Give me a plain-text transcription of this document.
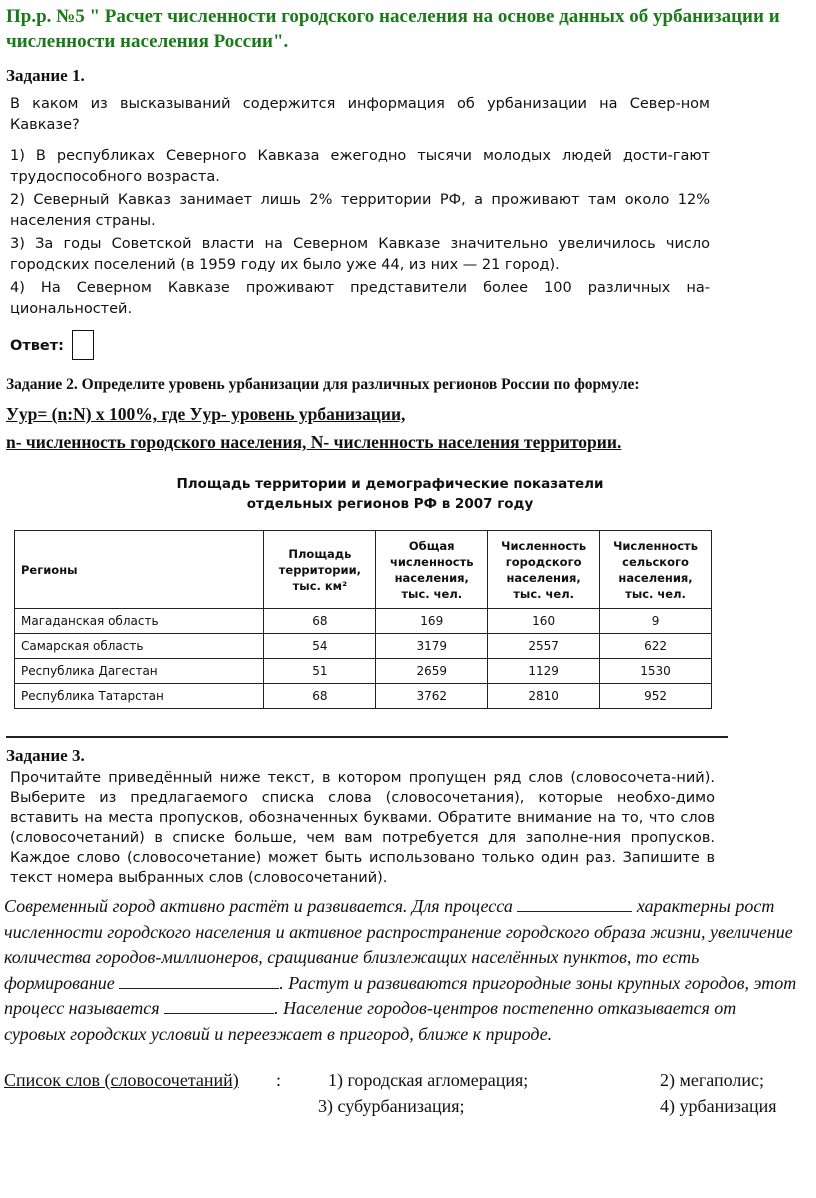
Пр.р. №5 " Расчет численности городского населения на основе данных об урбанизации и численности населения России".
Задание 1.
В каком из высказываний содержится информация об урбанизации на Север-ном Кавказе?
1) В республиках Северного Кавказа ежегодно тысячи молодых людей дости-гают трудоспособного возраста.
2) Северный Кавказ занимает лишь 2% территории РФ, а проживают там около 12% населения страны.
3) За годы Советской власти на Северном Кавказе значительно увеличилось число городских поселений (в 1959 году их было уже 44, из них — 21 город).
4) На Северном Кавказе проживают представители более 100 различных на-циональностей.
Ответ:
Задание 2. Определите уровень урбанизации для различных регионов России по формуле:
Уур= (n:N) х 100%, где Уур- уровень урбанизации,
n- численность городского населения, N- численность населения территории.
Площадь территории и демографические показатели
отдельных регионов РФ в 2007 году
Регионы	Площадь территории, тыс. км²	Общая численность населения, тыс. чел.	Численность городского населения, тыс. чел.	Численность сельского населения, тыс. чел.
Магаданская область	68	169	160	9
Самарская область	54	3179	2557	622
Республика Дагестан	51	2659	1129	1530
Республика Татарстан	68	3762	2810	952
Задание 3.
Прочитайте приведённый ниже текст, в котором пропущен ряд слов (словосочета-ний). Выберите из предлагаемого списка слова (словосочетания), которые необхо-димо вставить на места пропусков, обозначенных буквами. Обратите внимание на то, что слов (словосочетаний) в списке больше, чем вам потребуется для заполне-ния пропусков. Каждое слово (словосочетание) может быть использовано только один раз. Запишите в текст номера выбранных слов (словосочетаний).
Современный город активно растёт и развивается. Для процесса	характерны рост численности городского населения и активное распространение городского образа жизни, увеличение количества городов-миллионеров, сращивание близлежащих населённых пунктов, то есть формирование	. Растут и развиваются пригородные зоны крупных городов, этот процесс называется	. Население городов-центров постепенно отказывается от суровых городских условий и переезжает в пригород, ближе к природе.
Список слов (словосочетаний) :	1) городская агломерация;	2) мегаполис;
3) субурбанизация;	4) урбанизация
